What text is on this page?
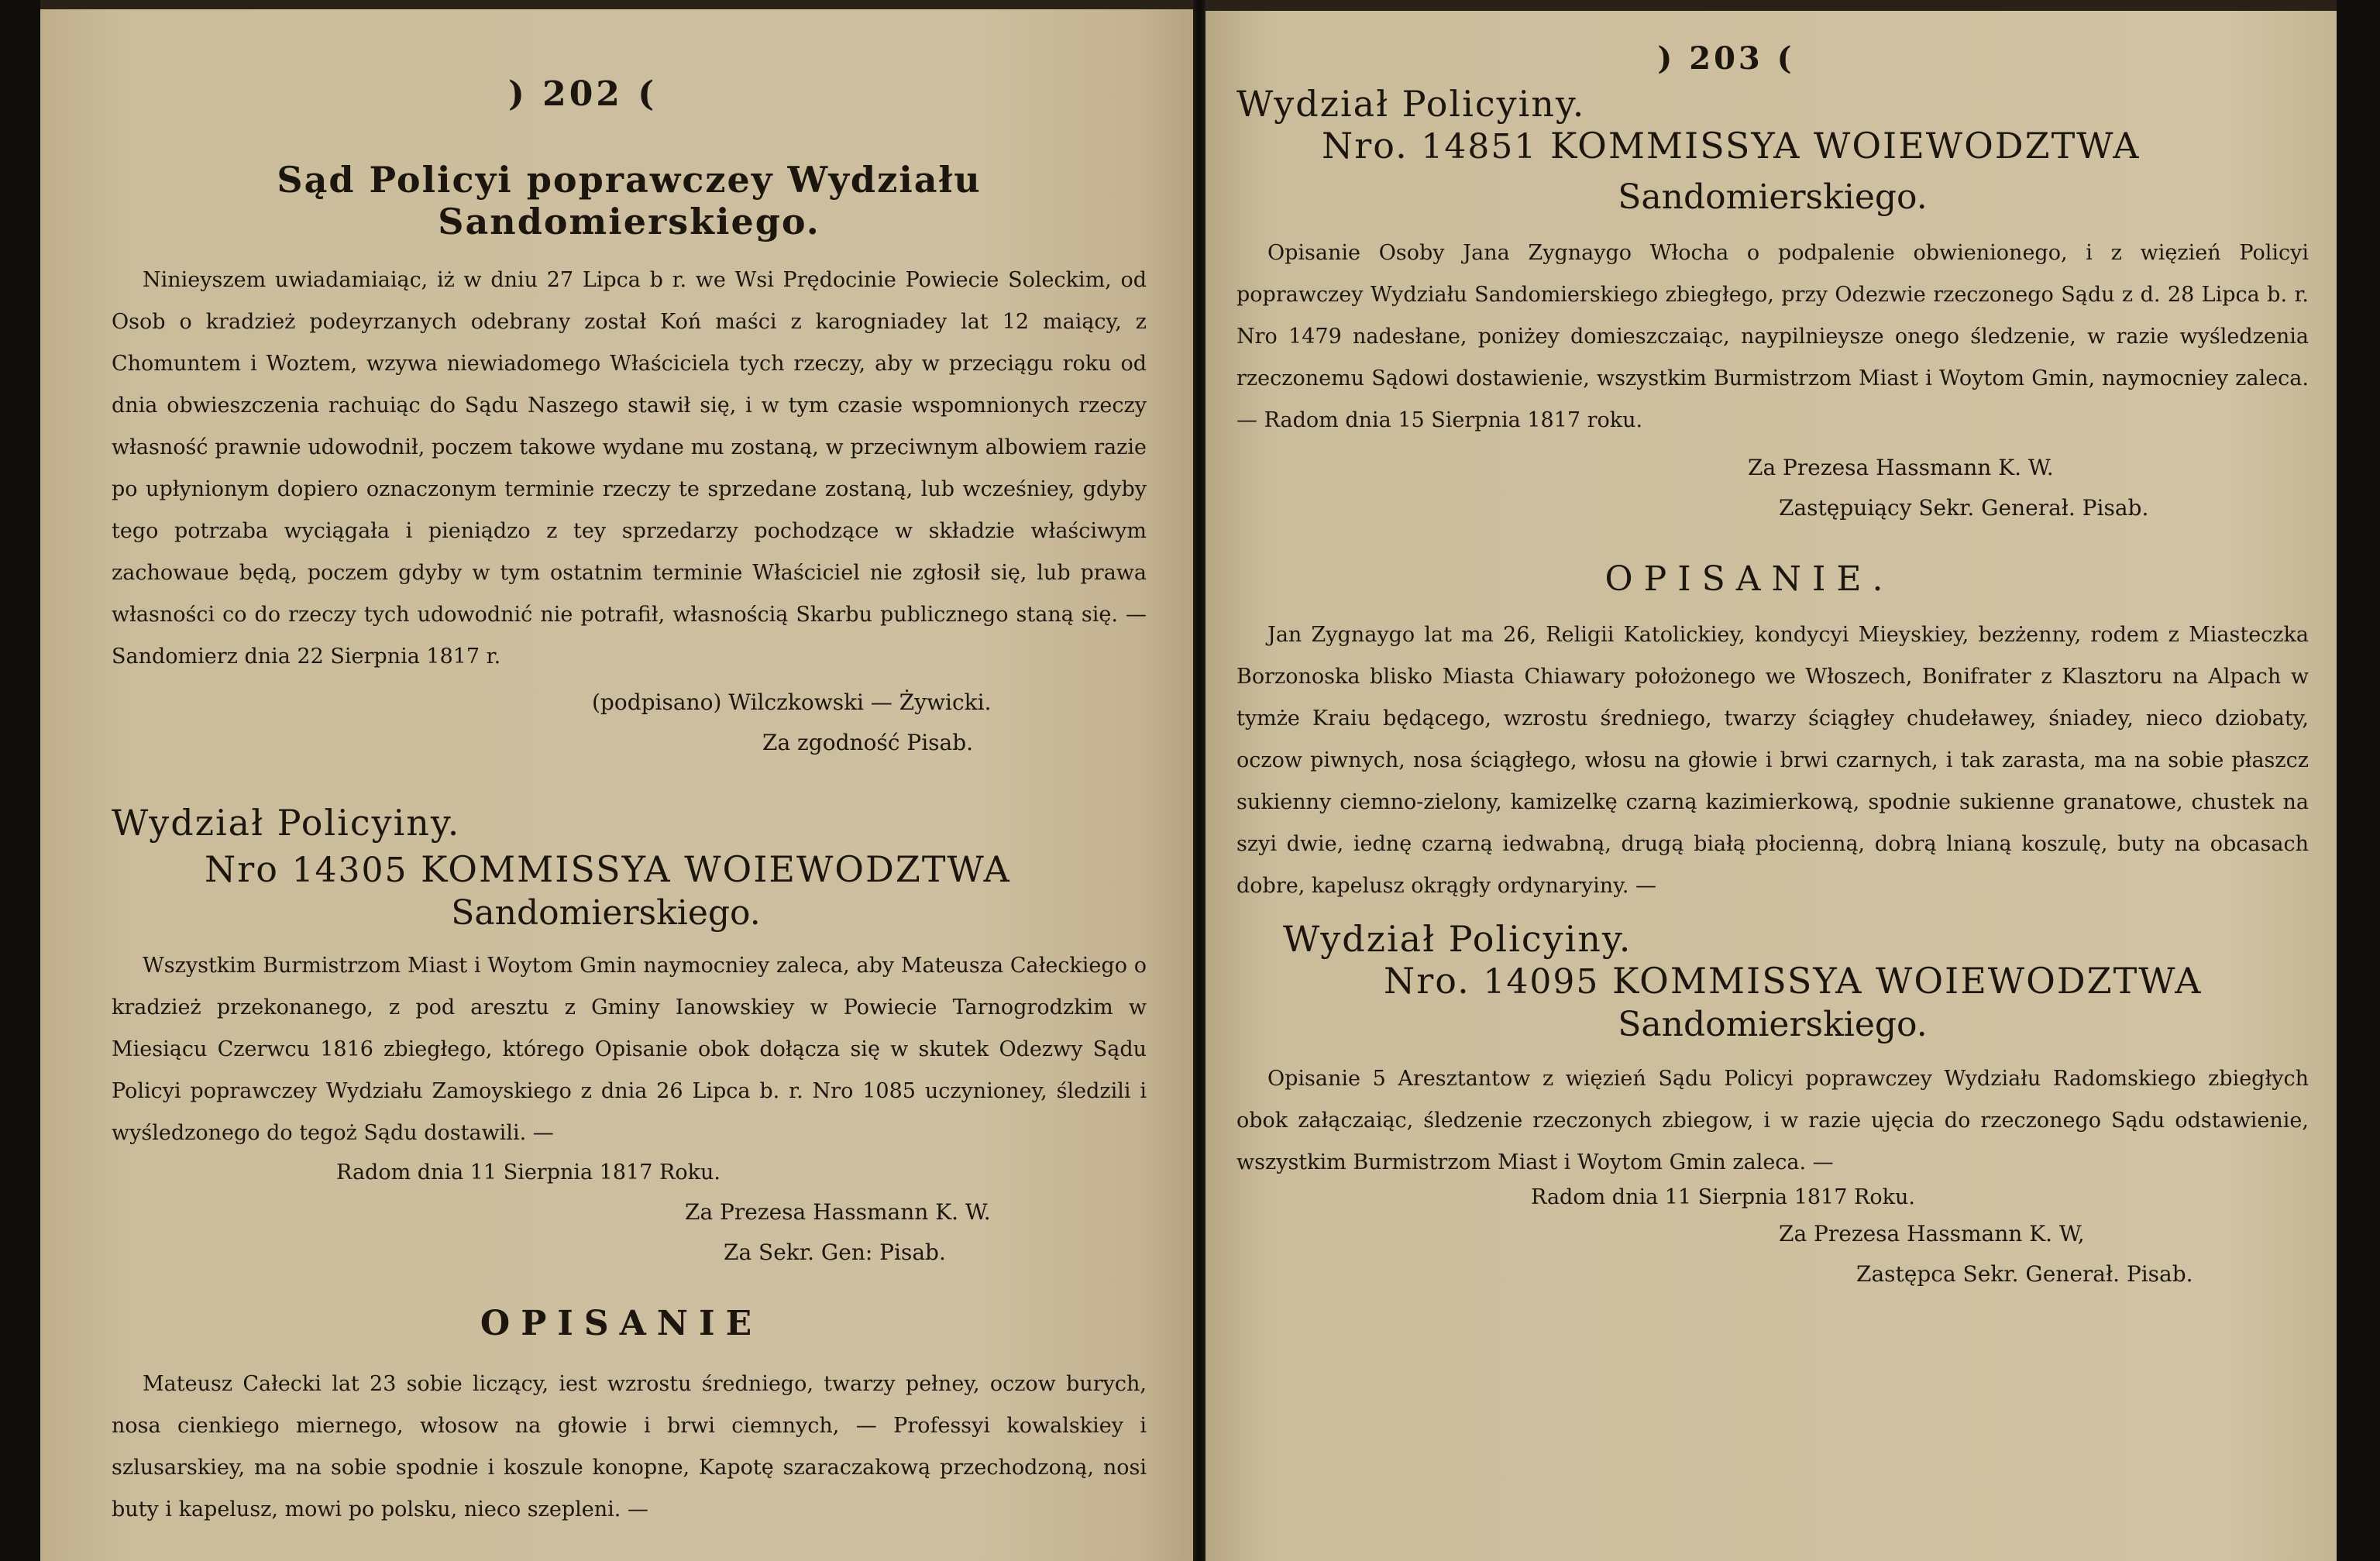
) 202 (
Sąd Policyi poprawczey Wydziału Sandomierskiego.

Ninieyszem uwiadamiaiąc, iż w dniu 27 Lipca b r. we Wsi Prędocinie Powiecie Soleckim, od Osob o kradzież podeyrzanych odebrany został Koń maści z karogniadey lat 12 maiący, z Chomuntem i Woztem, wzywa niewiadomego Właściciela tych rzeczy, aby w przeciągu roku od dnia obwieszczenia rachuiąc do Sądu Naszego stawił się, i w tym czasie wspomnionych rzeczy własność prawnie udowodnił, poczem takowe wydane mu zostaną, w przeciwnym albowiem razie po upłynionym dopiero oznaczonym terminie rzeczy te sprzedane zostaną, lub wcześniey, gdyby tego potrzaba wyciągała i pieniądzo z tey sprzedarzy pochodzące w składzie właściwym zachowaue będą, poczem gdyby w tym ostatnim terminie Właściciel nie zgłosił się, lub prawa własności co do rzeczy tych udowodnić nie potrafił, własnością Skarbu publicznego staną się. — Sandomierz dnia 22 Sierpnia 1817 r.

(podpisano) Wilczkowski — Żywicki.
Za zgodność Pisab.
Wydział Policyiny.
Nro 14305 KOMMISSYA WOIEWODZTWA
Sandomierskiego.

Wszystkim Burmistrzom Miast i Woytom Gmin naymocniey zaleca, aby Mateusza Całeckiego o kradzież przekonanego, z pod aresztu z Gminy Ianowskiey w Powiecie Tarnogrodzkim w Miesiącu Czerwcu 1816 zbiegłego, którego Opisanie obok dołącza się w skutek Odezwy Sądu Policyi poprawczey Wydziału Zamoyskiego z dnia 26 Lipca b. r. Nro 1085 uczynioney, śledzili i wyśledzonego do tegoż Sądu dostawili. —

Radom dnia 11 Sierpnia 1817 Roku.
Za Prezesa Hassmann K. W.
Za Sekr. Gen: Pisab.
OPISANIE

Mateusz Całecki lat 23 sobie liczący, iest wzrostu średniego, twarzy pełney, oczow burych, nosa cienkiego miernego, włosow na głowie i brwi ciemnych, — Professyi kowalskiey i szlusarskiey, ma na sobie spodnie i koszule konopne, Kapotę szaraczakową przechodzoną, nosi buty i kapelusz, mowi po polsku, nieco szepleni. —

) 203 (
Wydział Policyiny.
Nro. 14851 KOMMISSYA WOIEWODZTWA
Sandomierskiego.

Opisanie Osoby Jana Zygnaygo Włocha o podpalenie obwienionego, i z więzień Policyi poprawczey Wydziału Sandomierskiego zbiegłego, przy Odezwie rzeczonego Sądu z d. 28 Lipca b. r. Nro 1479 nadesłane, poniżey domieszczaiąc, naypilnieysze onego śledzenie, w razie wyśledzenia rzeczonemu Sądowi dostawienie, wszystkim Burmistrzom Miast i Woytom Gmin, naymocniey zaleca. — Radom dnia 15 Sierpnia 1817 roku.

Za Prezesa Hassmann K. W.
Zastępuiący Sekr. Generał. Pisab.
OPISANIE.

Jan Zygnaygo lat ma 26, Religii Katolickiey, kondycyi Mieyskiey, bezżenny, rodem z Miasteczka Borzonoska blisko Miasta Chiawary położonego we Włoszech, Bonifrater z Klasztoru na Alpach w tymże Kraiu będącego, wzrostu średniego, twarzy ściągłey chudeławey, śniadey, nieco dziobaty, oczow piwnych, nosa ściągłego, włosu na głowie i brwi czarnych, i tak zarasta, ma na sobie płaszcz sukienny ciemno-zielony, kamizelkę czarną kazimierkową, spodnie sukienne granatowe, chustek na szyi dwie, iednę czarną iedwabną, drugą białą płocienną, dobrą lnianą koszulę, buty na obcasach dobre, kapelusz okrągły ordynaryiny. —

Wydział Policyiny.
Nro. 14095 KOMMISSYA WOIEWODZTWA
Sandomierskiego.

Opisanie 5 Aresztantow z więzień Sądu Policyi poprawczey Wydziału Radomskiego zbiegłych obok załączaiąc, śledzenie rzeczonych zbiegow, i w razie ujęcia do rzeczonego Sądu odstawienie, wszystkim Burmistrzom Miast i Woytom Gmin zaleca. —

Radom dnia 11 Sierpnia 1817 Roku.
Za Prezesa Hassmann K. W,
Zastępca Sekr. Generał. Pisab.
